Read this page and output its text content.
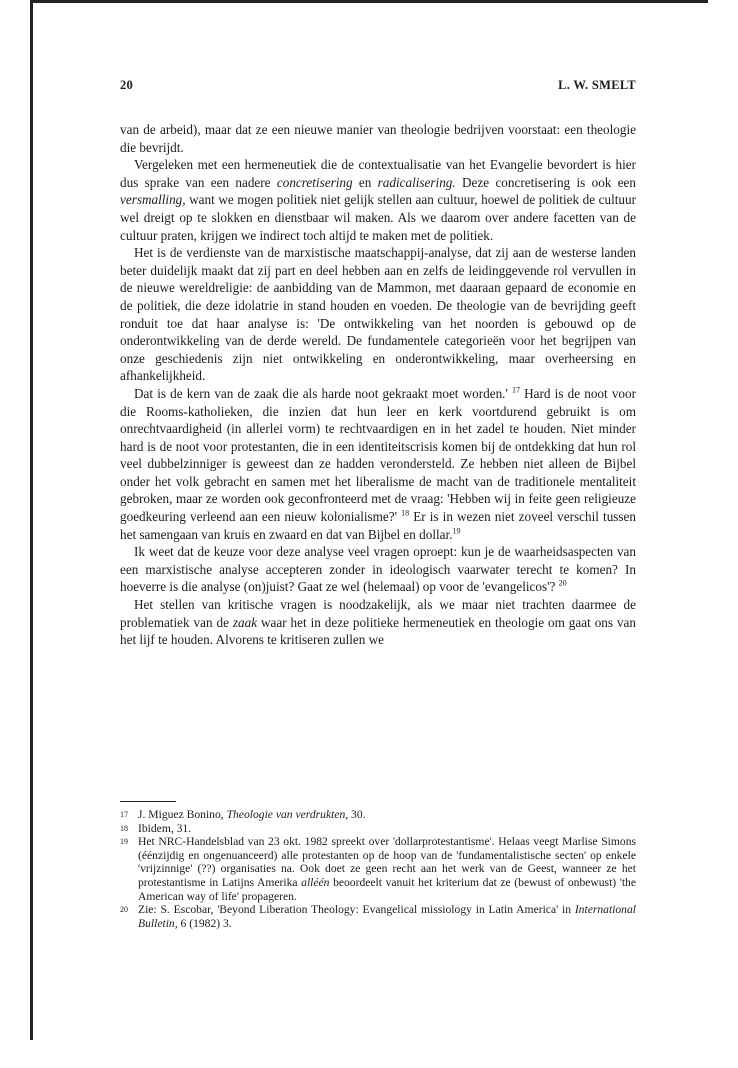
20	L. W. SMELT

van de arbeid), maar dat ze een nieuwe manier van theologie bedrijven voorstaat: een theologie die bevrijdt.

Vergeleken met een hermeneutiek die de contextualisatie van het Evangelie bevordert is hier dus sprake van een nadere concretisering en radicalisering. Deze concretisering is ook een versmalling, want we mogen politiek niet gelijk stellen aan cultuur, hoewel de politiek de cultuur wel dreigt op te slokken en dienstbaar wil maken. Als we daarom over andere facetten van de cultuur praten, krijgen we indirect toch altijd te maken met de politiek.

Het is de verdienste van de marxistische maatschappij-analyse, dat zij aan de westerse landen beter duidelijk maakt dat zij part en deel hebben aan en zelfs de leidinggevende rol vervullen in de nieuwe wereldreligie: de aanbidding van de Mammon, met daaraan gepaard de economie en de politiek, die deze idolatrie in stand houden en voeden. De theologie van de bevrijding geeft ronduit toe dat haar analyse is: 'De ontwikkeling van het noorden is gebouwd op de onderontwikkeling van de derde wereld. De fundamentele categorieën voor het begrijpen van onze geschiedenis zijn niet ontwikkeling en onderontwikkeling, maar overheersing en afhankelijkheid.

Dat is de kern van de zaak die als harde noot gekraakt moet worden.' $^{17}$ Hard is de noot voor die Rooms-katholieken, die inzien dat hun leer en kerk voortdurend gebruikt is om onrechtvaardigheid (in allerlei vorm) te rechtvaardigen en in het zadel te houden. Niet minder hard is de noot voor protestanten, die in een identiteitscrisis komen bij de ontdekking dat hun rol veel dubbelzinniger is geweest dan ze hadden verondersteld. Ze hebben niet alleen de Bijbel onder het volk gebracht en samen met het liberalisme de macht van de traditionele mentaliteit gebroken, maar ze worden ook geconfronteerd met de vraag: 'Hebben wij in feite geen religieuze goedkeuring verleend aan een nieuw kolonialisme?' $^{18}$ Er is in wezen niet zoveel verschil tussen het samengaan van kruis en zwaard en dat van Bijbel en dollar.$^{19}$

Ik weet dat de keuze voor deze analyse veel vragen oproept: kun je de waarheidsaspecten van een marxistische analyse accepteren zonder in ideologisch vaarwater terecht te komen? In hoeverre is die analyse (on)juist? Gaat ze wel (helemaal) op voor de 'evangelicos'? $^{20}$

Het stellen van kritische vragen is noodzakelijk, als we maar niet trachten daarmee de problematiek van de zaak waar het in deze politieke hermeneutiek en theologie om gaat ons van het lijf te houden. Alvorens te kritiseren zullen we

17 J. Miguez Bonino, Theologie van verdrukten, 30.
18 Ibidem, 31.
19 Het NRC-Handelsblad van 23 okt. 1982 spreekt over 'dollarprotestantisme'. Helaas veegt Marlise Simons (éénzijdig en ongenuanceerd) alle protestanten op de hoop van de 'fundamentalistische secten' op enkele 'vrijzinnige' (??) organisaties na. Ook doet ze geen recht aan het werk van de Geest, wanneer ze het protestantisme in Latijns Amerika alléén beoordeelt vanuit het kriterium dat ze (bewust of onbewust) 'the American way of life' propageren.
20 Zie: S. Escobar, 'Beyond Liberation Theology: Evangelical missiology in Latin America' in International Bulletin, 6 (1982) 3.
